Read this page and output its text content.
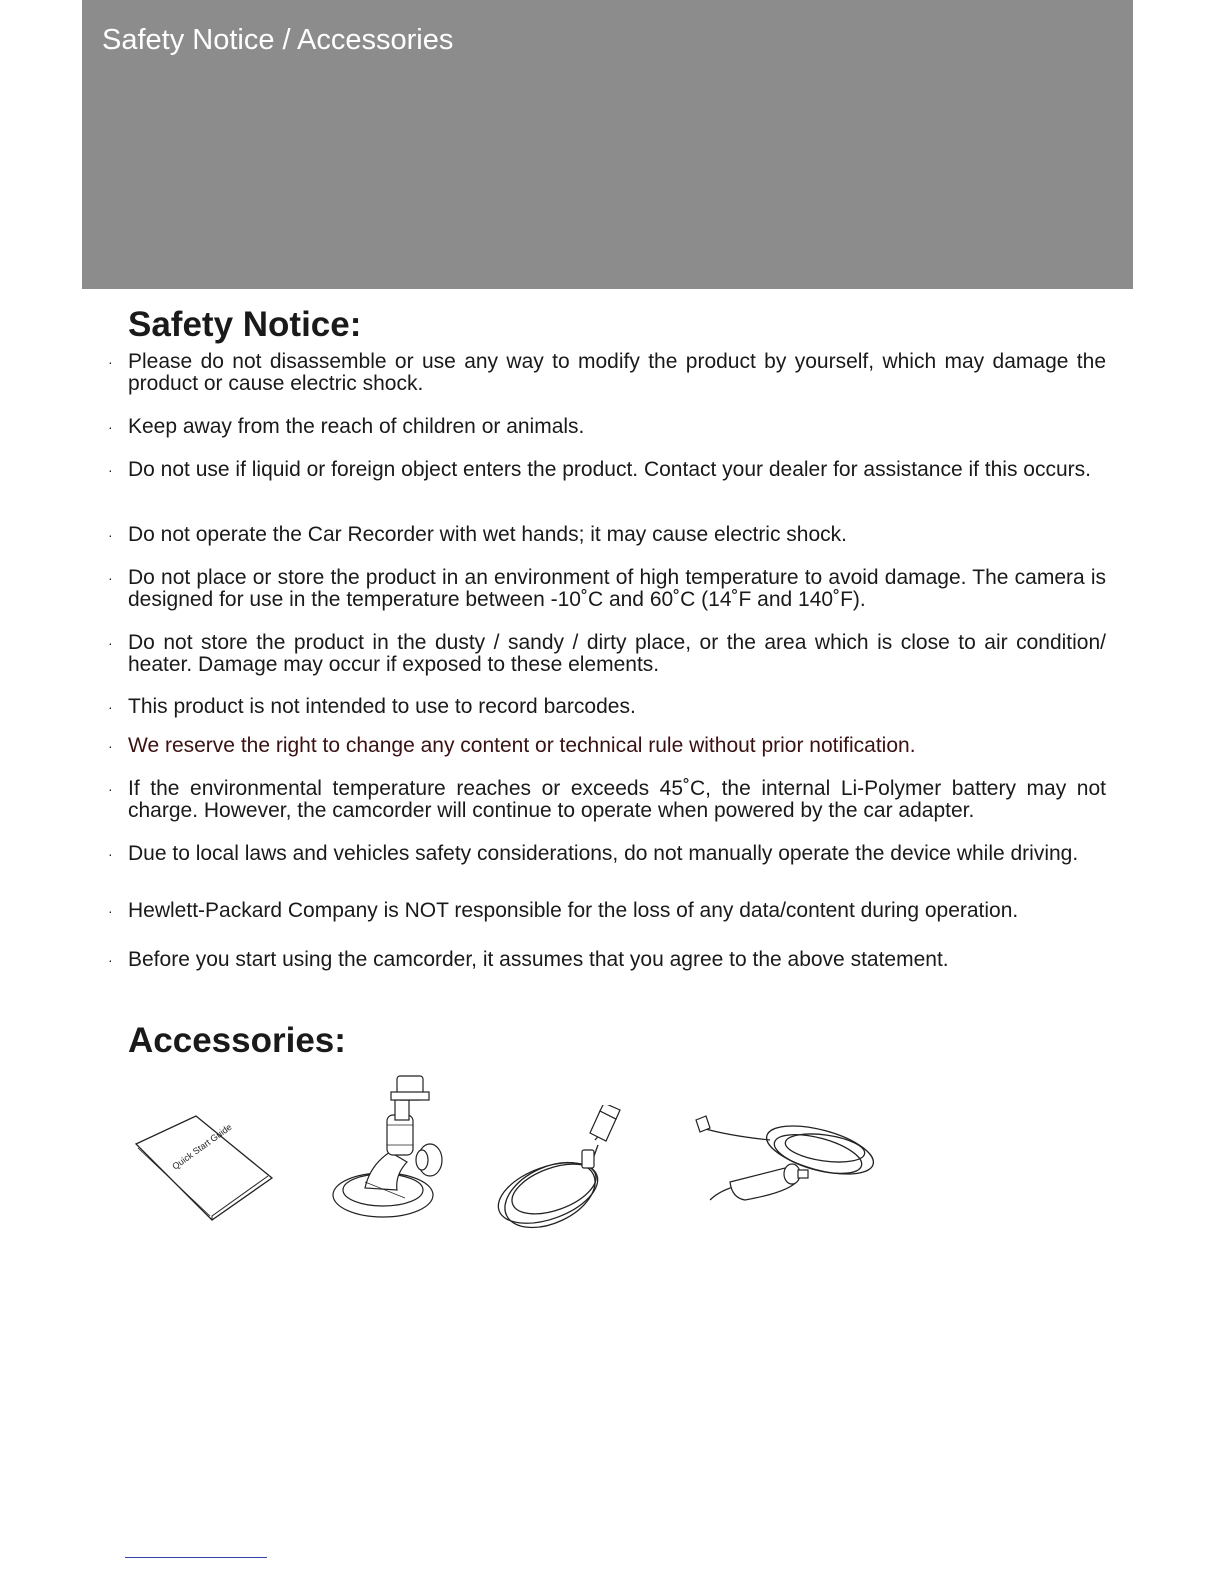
Safety Notice / Accessories
Safety Notice:
· Please do not disassemble or use any way to modify the product by yourself, which may damage the product or cause electric shock.
· Keep away from the reach of children or animals.
· Do not use if liquid or foreign object enters the product. Contact your dealer for assistance if this occurs.
· Do not operate the Car Recorder with wet hands; it may cause electric shock.
· Do not place or store the product in an environment of high temperature to avoid damage. The camera is designed for use in the temperature between -10˚C and 60˚C (14˚F and 140˚F).
· Do not store the product in the dusty / sandy / dirty place, or the area which is close to air condition/ heater. Damage may occur if exposed to these elements.
· This product is not intended to use to record barcodes.
· We reserve the right to change any content or technical rule without prior notification.
· If the environmental temperature reaches or exceeds 45˚C, the internal Li-Polymer battery may not charge. However, the camcorder will continue to operate when powered by the car adapter.
· Due to local laws and vehicles safety considerations, do not manually operate the device while driving.
· Hewlett-Packard Company is NOT responsible for the loss of any data/content during operation.
· Before you start using the camcorder, it assumes that you agree to the above statement.
Accessories:
Quick Start Guide
